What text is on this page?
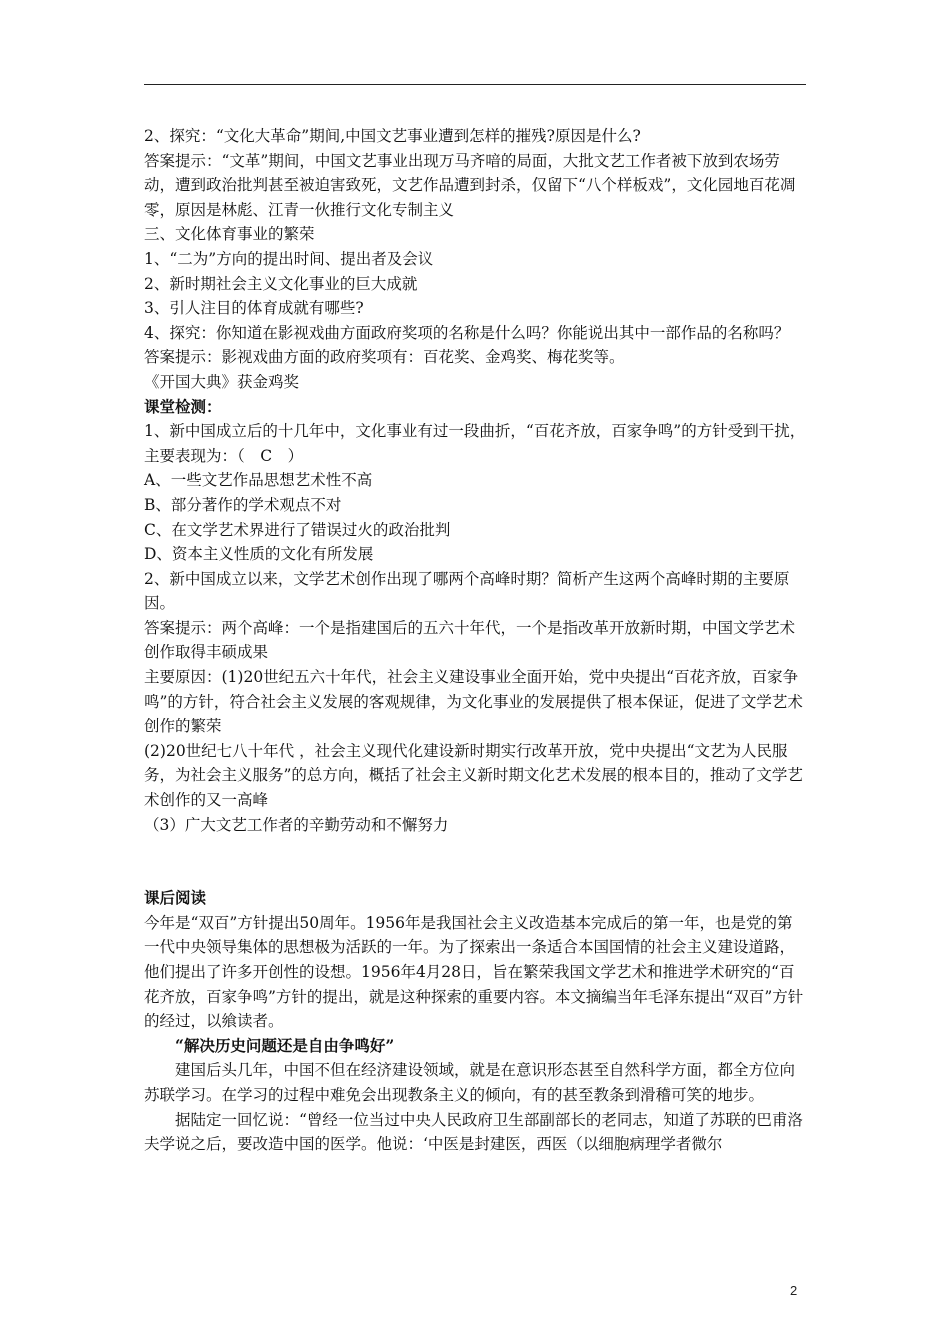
2、探究：“文化大革命”期间,中国文艺事业遭到怎样的摧残?原因是什么?

答案提示：“文革”期间，中国文艺事业出现万马齐喑的局面，大批文艺工作者被下放到农场劳动，遭到政治批判甚至被迫害致死，文艺作品遭到封杀，仅留下“八个样板戏”，文化园地百花凋零，原因是林彪、江青一伙推行文化专制主义

三、文化体育事业的繁荣

1、“二为”方向的提出时间、提出者及会议

2、新时期社会主义文化事业的巨大成就

3、引人注目的体育成就有哪些?

4、探究：你知道在影视戏曲方面政府奖项的名称是什么吗？你能说出其中一部作品的名称吗？

答案提示：影视戏曲方面的政府奖项有：百花奖、金鸡奖、梅花奖等。

《开国大典》获金鸡奖

课堂检测：

1、新中国成立后的十几年中，文化事业有过一段曲折，“百花齐放，百家争鸣”的方针受到干扰，主要表现为：（　C　）

A、一些文艺作品思想艺术性不高

B、部分著作的学术观点不对

C、在文学艺术界进行了错误过火的政治批判

D、资本主义性质的文化有所发展

2、新中国成立以来，文学艺术创作出现了哪两个高峰时期？简析产生这两个高峰时期的主要原因。

答案提示：两个高峰：一个是指建国后的五六十年代，一个是指改革开放新时期，中国文学艺术创作取得丰硕成果

主要原因：(1)20世纪五六十年代，社会主义建设事业全面开始，党中央提出“百花齐放，百家争鸣”的方针，符合社会主义发展的客观规律，为文化事业的发展提供了根本保证，促进了文学艺术创作的繁荣

(2)20世纪七八十年代 ，社会主义现代化建设新时期实行改革开放，党中央提出“文艺为人民服务，为社会主义服务”的总方向，概括了社会主义新时期文化艺术发展的根本目的，推动了文学艺术创作的又一高峰

（3）广大文艺工作者的辛勤劳动和不懈努力

课后阅读

今年是“双百”方针提出50周年。1956年是我国社会主义改造基本完成后的第一年，也是党的第一代中央领导集体的思想极为活跃的一年。为了探索出一条适合本国国情的社会主义建设道路，他们提出了许多开创性的设想。1956年4月28日，旨在繁荣我国文学艺术和推进学术研究的“百花齐放，百家争鸣”方针的提出，就是这种探索的重要内容。本文摘编当年毛泽东提出“双百”方针的经过，以飨读者。

“解决历史问题还是自由争鸣好”

建国后头几年，中国不但在经济建设领域，就是在意识形态甚至自然科学方面，都全方位向苏联学习。在学习的过程中难免会出现教条主义的倾向，有的甚至教条到滑稽可笑的地步。

据陆定一回忆说：“曾经一位当过中央人民政府卫生部副部长的老同志，知道了苏联的巴甫洛夫学说之后，要改造中国的医学。他说：‘中医是封建医，西医（以细胞病理学者微尔

2
